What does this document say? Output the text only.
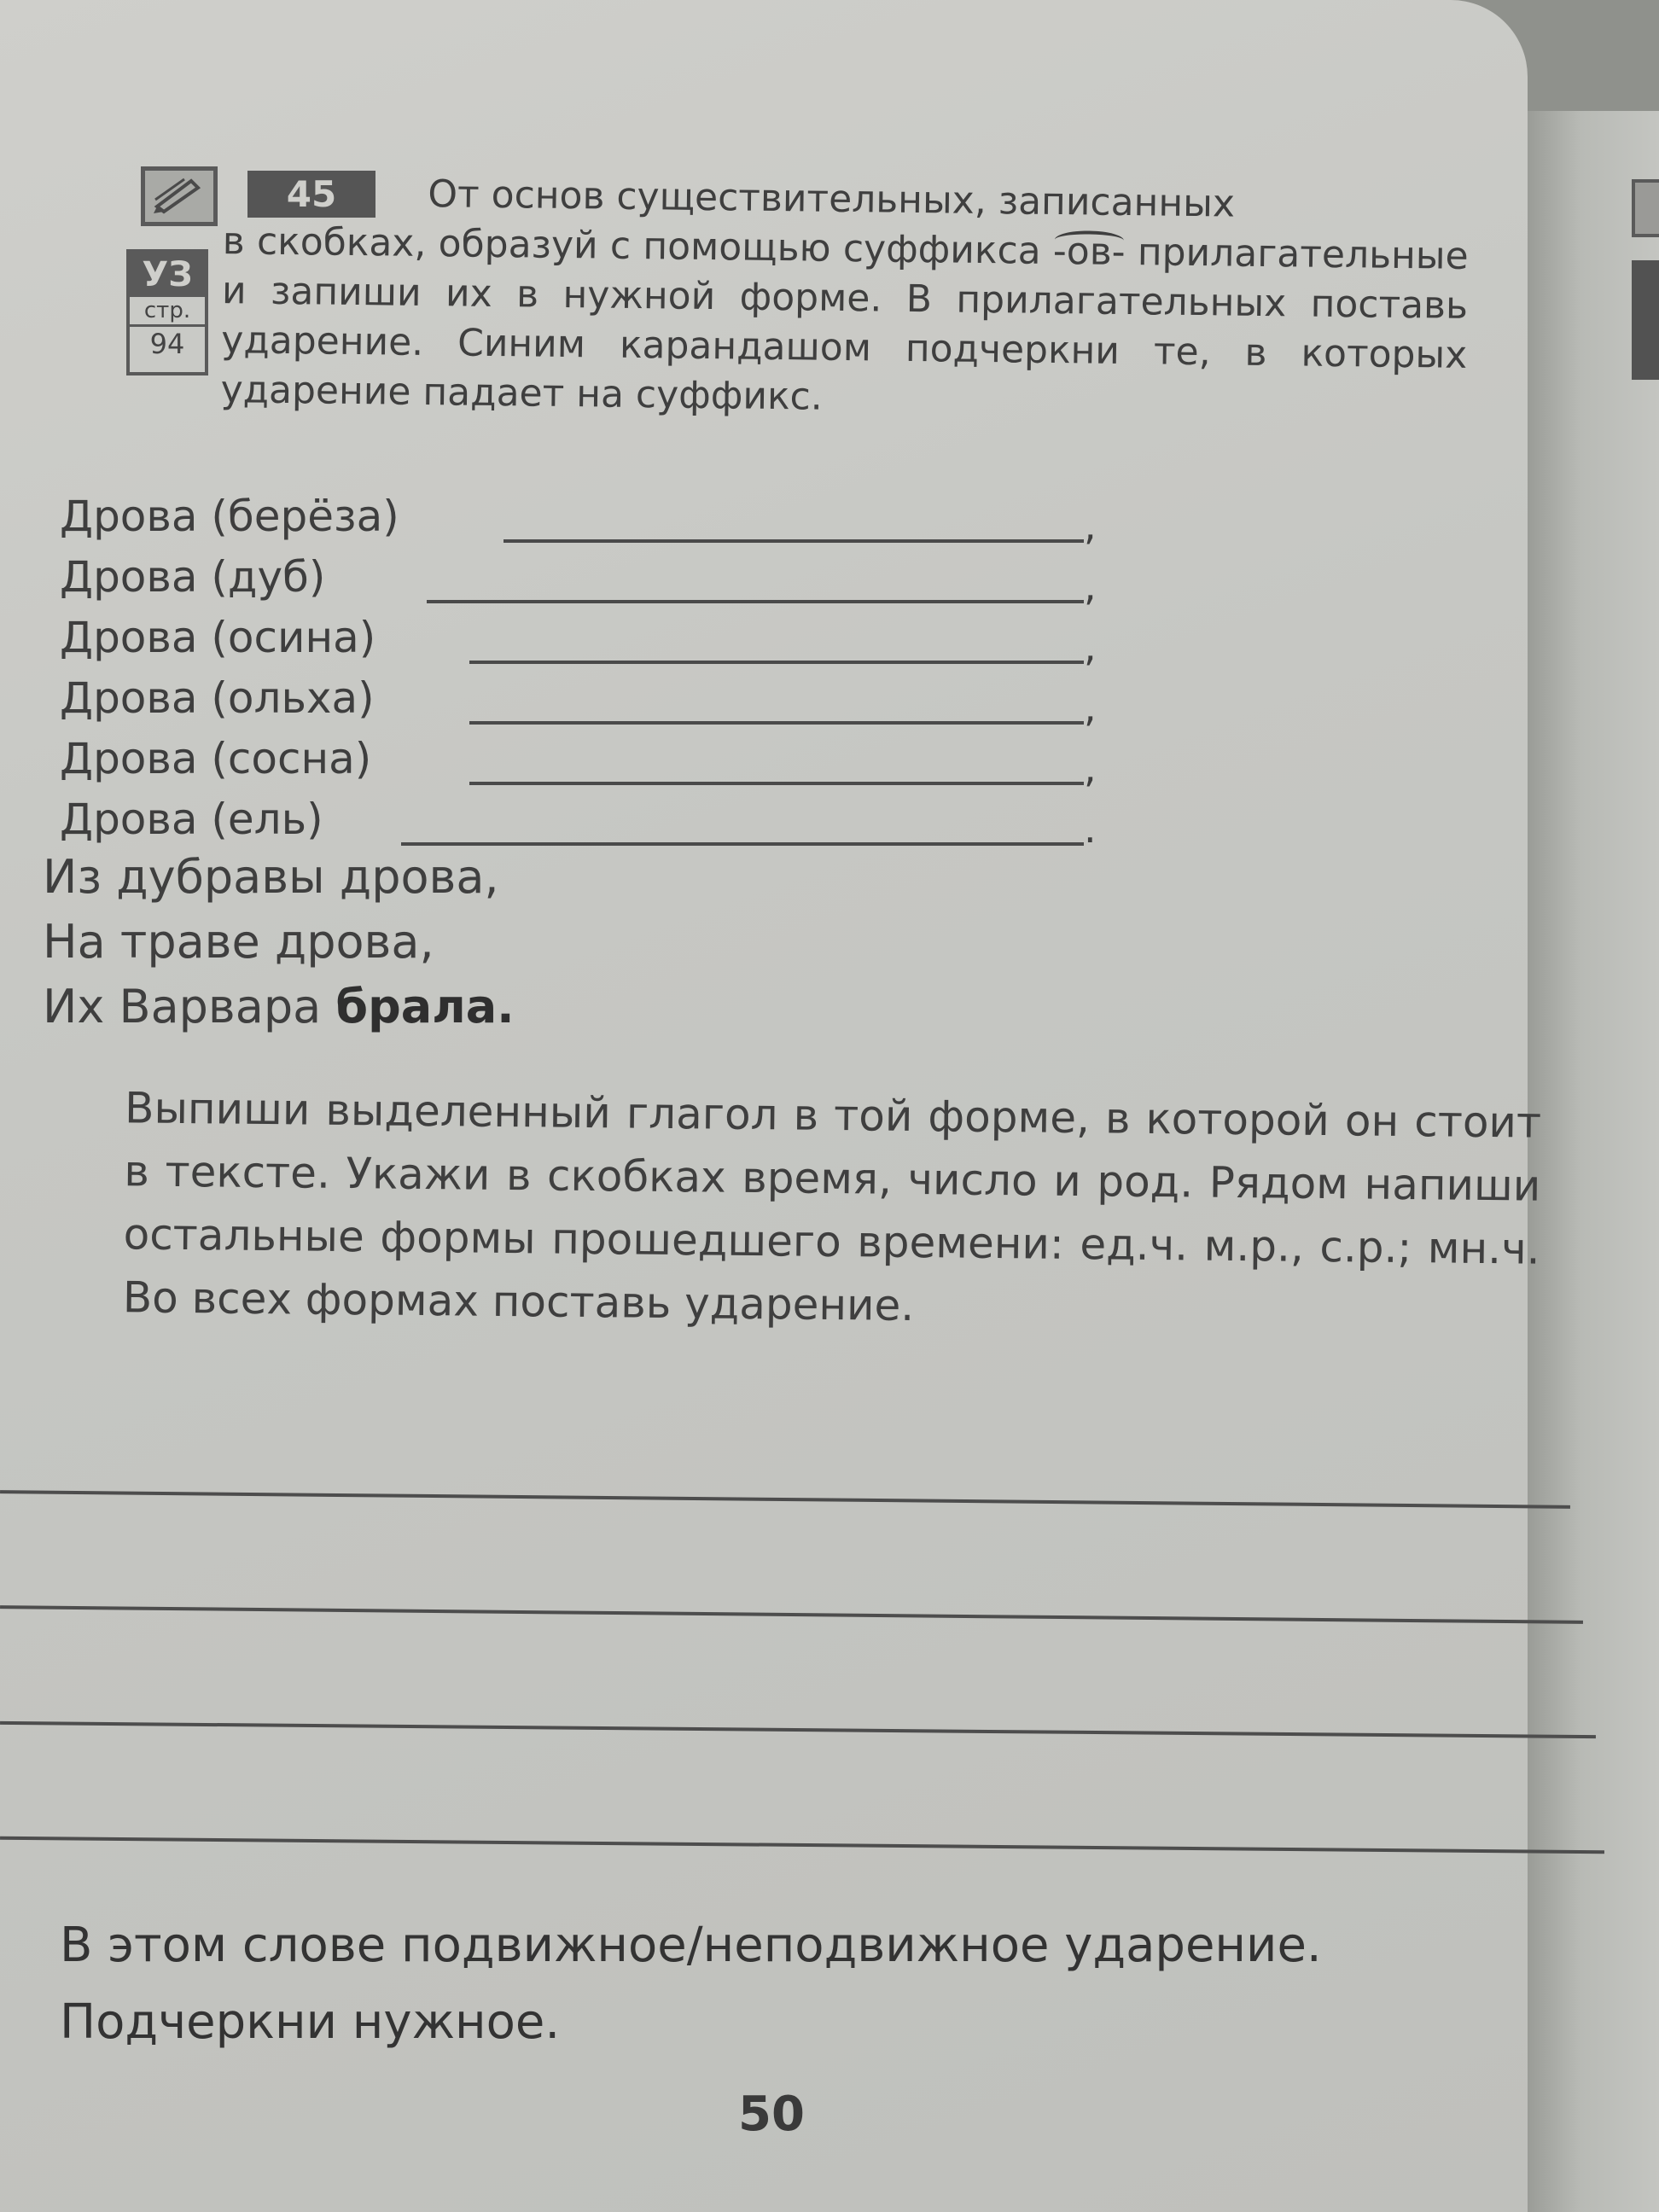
45
УЗ
стр.
94
От основ существительных, записанных
в скобках, образуй с помощью суффикса -ов- прилагательные и запиши их в нужной форме. В прилагательных поставь ударение. Синим карандашом подчеркни те, в которых ударение падает на суффикс.
Дрова (берёза)	,
Дрова (дуб)	,
Дрова (осина)	,
Дрова (ольха)	,
Дрова (сосна)	,
Дрова (ель)	.
Из дубравы дрова,
На траве дрова,
Их Варвара брала.
Выпиши выделенный глагол в той форме, в которой он стоит в тексте. Укажи в скобках время, число и род. Рядом напиши остальные формы прошедшего времени: ед.ч. м.р., с.р.; мн.ч. Во всех формах поставь ударение.
В этом слове подвижное/неподвижное ударение.
Подчеркни нужное.
50
